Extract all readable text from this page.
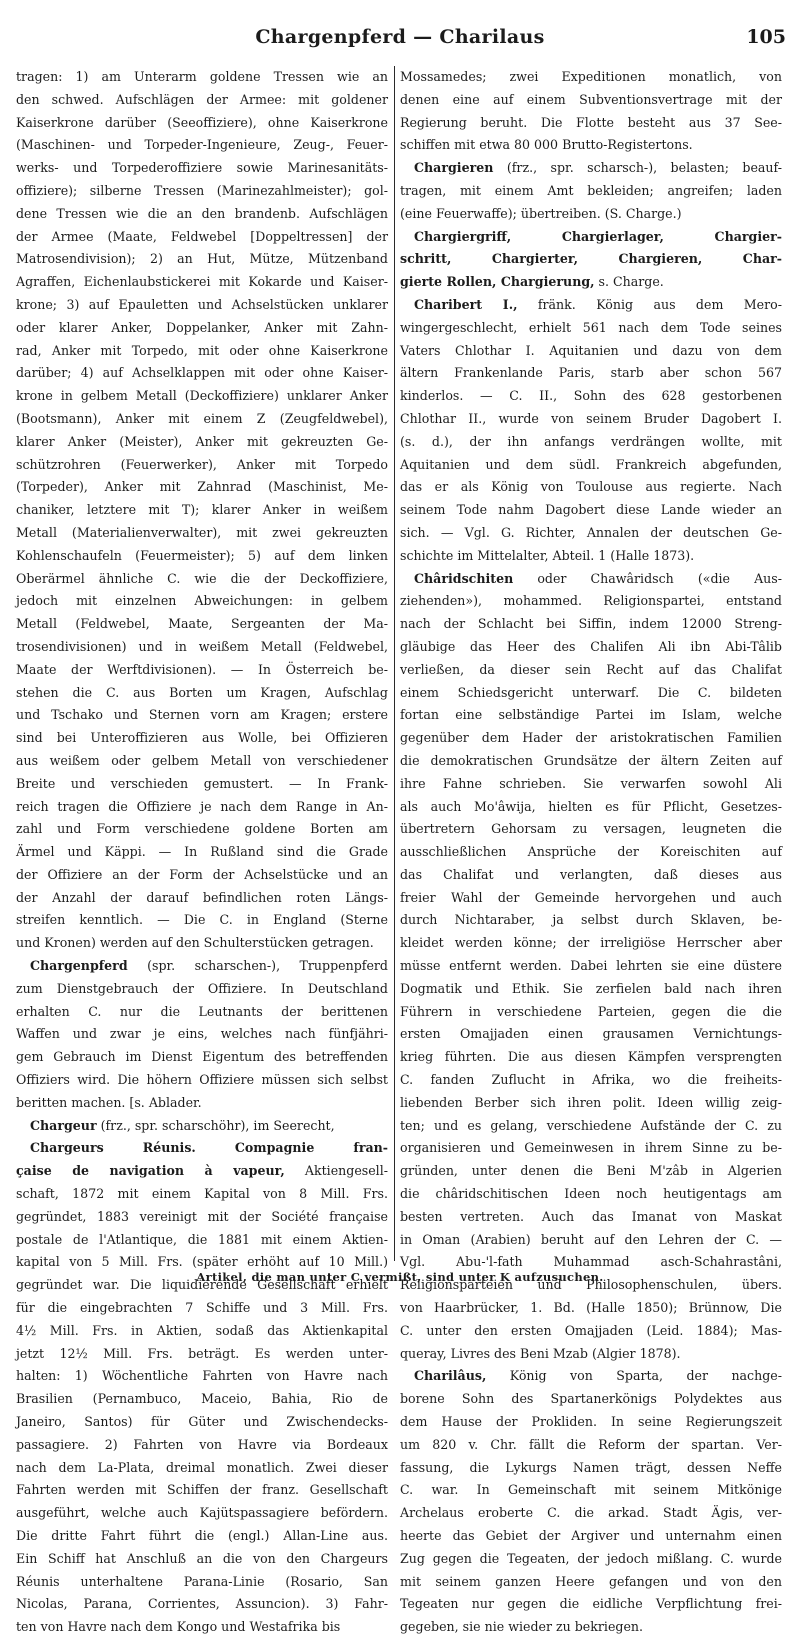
Chargenpferd — Charilaus	105
tragen: 1) am Unterarm goldene Tressen wie an
den schwed. Aufschlägen der Armee: mit goldener
Kaiserkrone darüber (Seeoffiziere), ohne Kaiserkrone
(Maschinen- und Torpeder-Ingenieure, Zeug-, Feuer-
werks- und Torpederoffiziere sowie Marinesanitäts-
offiziere); silberne Tressen (Marinezahlmeister); gol-
dene Tressen wie die an den brandenb. Aufschlägen
der Armee (Maate, Feldwebel [Doppeltressen] der
Matrosendivision); 2) an Hut, Mütze, Mützenband
Agraffen, Eichenlaubstickerei mit Kokarde und Kaiser-
krone; 3) auf Epauletten und Achselstücken unklarer
oder klarer Anker, Doppelanker, Anker mit Zahn-
rad, Anker mit Torpedo, mit oder ohne Kaiserkrone
darüber; 4) auf Achselklappen mit oder ohne Kaiser-
krone in gelbem Metall (Deckoffiziere) unklarer Anker
(Bootsmann), Anker mit einem Z (Zeugfeldwebel),
klarer Anker (Meister), Anker mit gekreuzten Ge-
schützrohren (Feuerwerker), Anker mit Torpedo
(Torpeder), Anker mit Zahnrad (Maschinist, Me-
chaniker, letztere mit T); klarer Anker in weißem
Metall (Materialienverwalter), mit zwei gekreuzten
Kohlenschaufeln (Feuermeister); 5) auf dem linken
Oberärmel ähnliche C. wie die der Deckoffiziere,
jedoch mit einzelnen Abweichungen: in gelbem
Metall (Feldwebel, Maate, Sergeanten der Ma-
trosendivisionen) und in weißem Metall (Feldwebel,
Maate der Werftdivisionen). — In Österreich be-
stehen die C. aus Borten um Kragen, Aufschlag
und Tschako und Sternen vorn am Kragen; erstere
sind bei Unteroffizieren aus Wolle, bei Offizieren
aus weißem oder gelbem Metall von verschiedener
Breite und verschieden gemustert. — In Frank-
reich tragen die Offiziere je nach dem Range in An-
zahl und Form verschiedene goldene Borten am
Ärmel und Käppi. — In Rußland sind die Grade
der Offiziere an der Form der Achselstücke und an
der Anzahl der darauf befindlichen roten Längs-
streifen kenntlich. — Die C. in England (Sterne
und Kronen) werden auf den Schulterstücken getragen.
Chargenpferd (spr. scharschen-), Truppenpferd
zum Dienstgebrauch der Offiziere. In Deutschland
erhalten C. nur die Leutnants der berittenen
Waffen und zwar je eins, welches nach fünfjähri-
gem Gebrauch im Dienst Eigentum des betreffenden
Offiziers wird. Die höhern Offiziere müssen sich selbst
beritten machen. [s. Ablader.
Chargeur (frz., spr. scharschöhr), im Seerecht,
Chargeurs Réunis. Compagnie fran-
çaise de navigation à vapeur, Aktiengesell-
schaft, 1872 mit einem Kapital von 8 Mill. Frs.
gegründet, 1883 vereinigt mit der Société française
postale de l'Atlantique, die 1881 mit einem Aktien-
kapital von 5 Mill. Frs. (später erhöht auf 10 Mill.)
gegründet war. Die liquidierende Gesellschaft erhielt
für die eingebrachten 7 Schiffe und 3 Mill. Frs.
4½ Mill. Frs. in Aktien, sodaß das Aktienkapital
jetzt 12½ Mill. Frs. beträgt. Es werden unter-
halten: 1) Wöchentliche Fahrten von Havre nach
Brasilien (Pernambuco, Maceio, Bahia, Rio de
Janeiro, Santos) für Güter und Zwischendecks-
passagiere. 2) Fahrten von Havre via Bordeaux
nach dem La-Plata, dreimal monatlich. Zwei dieser
Fahrten werden mit Schiffen der franz. Gesellschaft
ausgeführt, welche auch Kajütspassagiere befördern.
Die dritte Fahrt führt die (engl.) Allan-Line aus.
Ein Schiff hat Anschluß an die von den Chargeurs
Réunis unterhaltene Parana-Linie (Rosario, San
Nicolas, Parana, Corrientes, Assuncion). 3) Fahr-
ten von Havre nach dem Kongo und Westafrika bis
Mossamedes; zwei Expeditionen monatlich, von
denen eine auf einem Subventionsvertrage mit der
Regierung beruht. Die Flotte besteht aus 37 See-
schiffen mit etwa 80 000 Brutto-Registertons.
Chargieren (frz., spr. scharsch-), belasten; beauf-
tragen, mit einem Amt bekleiden; angreifen; laden
(eine Feuerwaffe); übertreiben. (S. Charge.)
Chargiergriff, Chargierlager, Chargier-
schritt, Chargierter, Chargieren, Char-
gierte Rollen, Chargierung, s. Charge.
Charibert I., fränk. König aus dem Mero-
wingergeschlecht, erhielt 561 nach dem Tode seines
Vaters Chlothar I. Aquitanien und dazu von dem
ältern Frankenlande Paris, starb aber schon 567
kinderlos. — C. II., Sohn des 628 gestorbenen
Chlothar II., wurde von seinem Bruder Dagobert I.
(s. d.), der ihn anfangs verdrängen wollte, mit
Aquitanien und dem südl. Frankreich abgefunden,
das er als König von Toulouse aus regierte. Nach
seinem Tode nahm Dagobert diese Lande wieder an
sich. — Vgl. G. Richter, Annalen der deutschen Ge-
schichte im Mittelalter, Abteil. 1 (Halle 1873).
Châridschiten oder Chawâridsch («die Aus-
ziehenden»), mohammed. Religionspartei, entstand
nach der Schlacht bei Siffin, indem 12000 Streng-
gläubige das Heer des Chalifen Ali ibn Abi-Tâlib
verließen, da dieser sein Recht auf das Chalifat
einem Schiedsgericht unterwarf. Die C. bildeten
fortan eine selbständige Partei im Islam, welche
gegenüber dem Hader der aristokratischen Familien
die demokratischen Grundsätze der ältern Zeiten auf
ihre Fahne schrieben. Sie verwarfen sowohl Ali
als auch Mo'âwija, hielten es für Pflicht, Gesetzes-
übertretern Gehorsam zu versagen, leugneten die
ausschließlichen Ansprüche der Koreischiten auf
das Chalifat und verlangten, daß dieses aus
freier Wahl der Gemeinde hervorgehen und auch
durch Nichtaraber, ja selbst durch Sklaven, be-
kleidet werden könne; der irreligiöse Herrscher aber
müsse entfernt werden. Dabei lehrten sie eine düstere
Dogmatik und Ethik. Sie zerfielen bald nach ihren
Führern in verschiedene Parteien, gegen die die
ersten Omajjaden einen grausamen Vernichtungs-
krieg führten. Die aus diesen Kämpfen versprengten
C. fanden Zuflucht in Afrika, wo die freiheits-
liebenden Berber sich ihren polit. Ideen willig zeig-
ten; und es gelang, verschiedene Aufstände der C. zu
organisieren und Gemeinwesen in ihrem Sinne zu be-
gründen, unter denen die Beni M'zâb in Algerien
die châridschitischen Ideen noch heutigentags am
besten vertreten. Auch das Imanat von Maskat
in Oman (Arabien) beruht auf den Lehren der C. —
Vgl. Abu-'l-fath Muhammad asch-Schahrastâni,
Religionsparteien und Philosophenschulen, übers.
von Haarbrücker, 1. Bd. (Halle 1850); Brünnow, Die
C. unter den ersten Omajjaden (Leid. 1884); Mas-
queray, Livres des Beni Mzab (Algier 1878).
Charilâus, König von Sparta, der nachge-
borene Sohn des Spartanerkönigs Polydektes aus
dem Hause der Prokliden. In seine Regierungszeit
um 820 v. Chr. fällt die Reform der spartan. Ver-
fassung, die Lykurgs Namen trägt, dessen Neffe
C. war. In Gemeinschaft mit seinem Mitkönige
Archelaus eroberte C. die arkad. Stadt Ägis, ver-
heerte das Gebiet der Argiver und unternahm einen
Zug gegen die Tegeaten, der jedoch mißlang. C. wurde
mit seinem ganzen Heere gefangen und von den
Tegeaten nur gegen die eidliche Verpflichtung frei-
gegeben, sie nie wieder zu bekriegen.
Artikel, die man unter C vermißt, sind unter K aufzusuchen.
